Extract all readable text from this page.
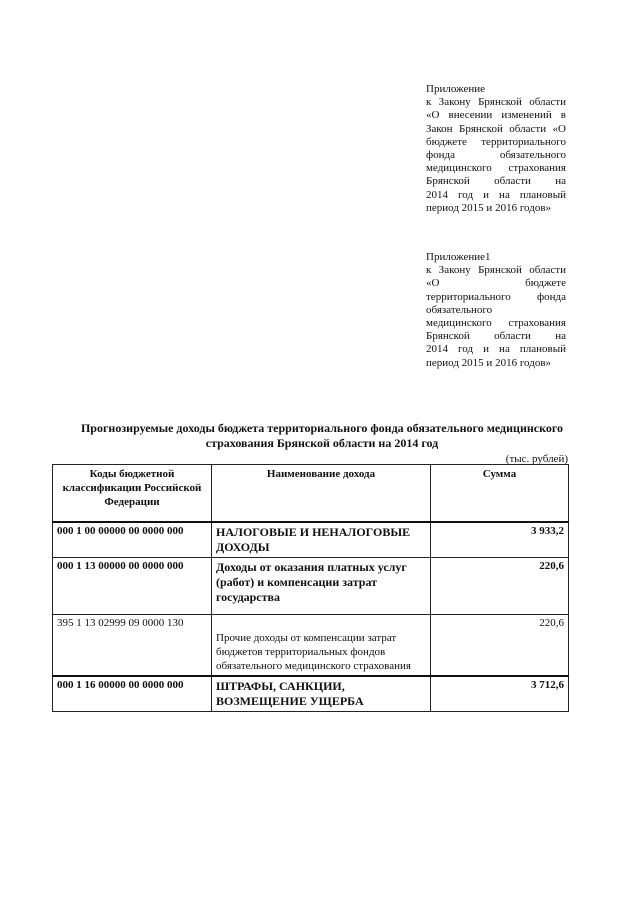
Приложение
к Закону Брянской области
«О внесении изменений в
Закон Брянской области «О
бюджете территориального
фонда обязательного
медицинского страхования
Брянской области на
2014 год и на плановый
период 2015 и 2016 годов»
Приложение1
к Закону Брянской области
«О бюджете
территориального фонда
обязательного
медицинского страхования
Брянской области на
2014 год и на плановый
период 2015 и 2016 годов»
Прогнозируемые доходы бюджета территориального фонда обязательного медицинского
страхования Брянской области на 2014 год
(тыс. рублей)
Коды бюджетной классификации Российской Федерации	Наименование дохода	Сумма
000 1 00 00000 00 0000 000	НАЛОГОВЫЕ И НЕНАЛОГОВЫЕ ДОХОДЫ	3 933,2
000 1 13 00000 00 0000 000	Доходы от оказания платных услуг (работ) и компенсации затрат государства	220,6
395 1 13 02999 09 0000 130	Прочие доходы от компенсации затрат бюджетов территориальных фондов обязательного медицинского страхования	220,6
000 1 16 00000 00 0000 000	ШТРАФЫ, САНКЦИИ, ВОЗМЕЩЕНИЕ УЩЕРБА	3 712,6
